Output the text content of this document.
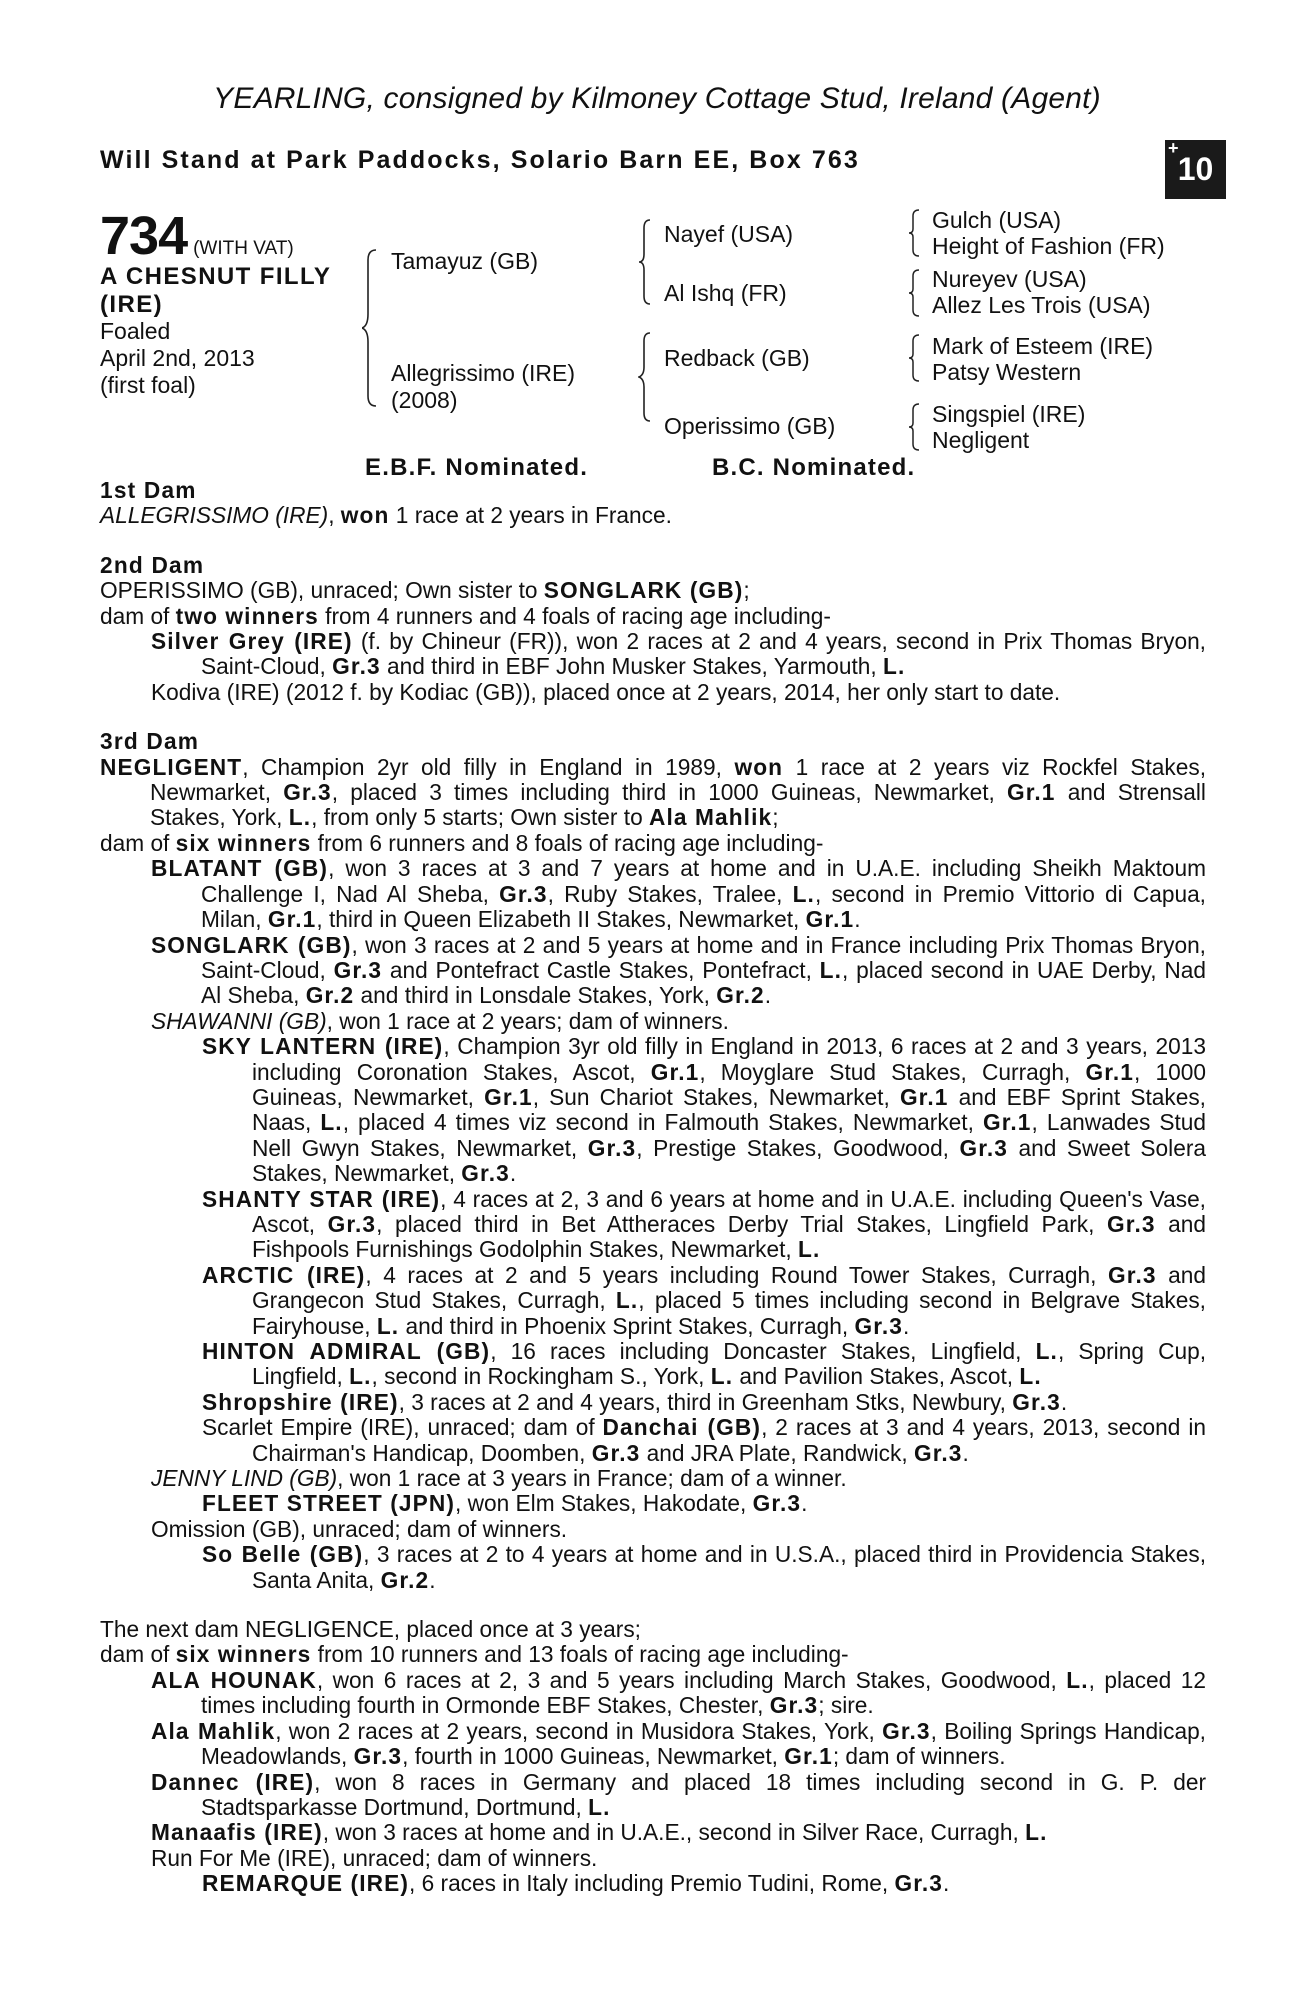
YEARLING, consigned by Kilmoney Cottage Stud, Ireland (Agent)
Will Stand at Park Paddocks, Solario Barn EE, Box 763	+
10
734 (WITH VAT)
A CHESNUT FILLY
(IRE)
Foaled
April 2nd, 2013
(first foal)
Tamayuz (GB)
Allegrissimo (IRE)
(2008)
Nayef (USA)
Al Ishq (FR)
Redback (GB)
Operissimo (GB)
Gulch (USA)
Height of Fashion (FR)
Nureyev (USA)
Allez Les Trois (USA)
Mark of Esteem (IRE)
Patsy Western
Singspiel (IRE)
Negligent
E.B.F. Nominated.	B.C. Nominated.

1st Dam

ALLEGRISSIMO (IRE), won 1 race at 2 years in France.

2nd Dam

OPERISSIMO (GB), unraced; Own sister to SONGLARK (GB);

dam of two winners from 4 runners and 4 foals of racing age including-

Silver Grey (IRE) (f. by Chineur (FR)), won 2 races at 2 and 4 years, second in Prix Thomas Bryon, Saint-Cloud, Gr.3 and third in EBF John Musker Stakes, Yarmouth, L.

Kodiva (IRE) (2012 f. by Kodiac (GB)), placed once at 2 years, 2014, her only start to date.

3rd Dam

NEGLIGENT, Champion 2yr old filly in England in 1989, won 1 race at 2 years viz Rockfel Stakes, Newmarket, Gr.3, placed 3 times including third in 1000 Guineas, Newmarket, Gr.1 and Strensall Stakes, York, L., from only 5 starts; Own sister to Ala Mahlik;

dam of six winners from 6 runners and 8 foals of racing age including-

BLATANT (GB), won 3 races at 3 and 7 years at home and in U.A.E. including Sheikh Maktoum Challenge I, Nad Al Sheba, Gr.3, Ruby Stakes, Tralee, L., second in Premio Vittorio di Capua, Milan, Gr.1, third in Queen Elizabeth II Stakes, Newmarket, Gr.1.

SONGLARK (GB), won 3 races at 2 and 5 years at home and in France including Prix Thomas Bryon, Saint-Cloud, Gr.3 and Pontefract Castle Stakes, Pontefract, L., placed second in UAE Derby, Nad Al Sheba, Gr.2 and third in Lonsdale Stakes, York, Gr.2.

SHAWANNI (GB), won 1 race at 2 years; dam of winners.

SKY LANTERN (IRE), Champion 3yr old filly in England in 2013, 6 races at 2 and 3 years, 2013 including Coronation Stakes, Ascot, Gr.1, Moyglare Stud Stakes, Curragh, Gr.1, 1000 Guineas, Newmarket, Gr.1, Sun Chariot Stakes, Newmarket, Gr.1 and EBF Sprint Stakes, Naas, L., placed 4 times viz second in Falmouth Stakes, Newmarket, Gr.1, Lanwades Stud Nell Gwyn Stakes, Newmarket, Gr.3, Prestige Stakes, Goodwood, Gr.3 and Sweet Solera Stakes, Newmarket, Gr.3.

SHANTY STAR (IRE), 4 races at 2, 3 and 6 years at home and in U.A.E. including Queen's Vase, Ascot, Gr.3, placed third in Bet Attheraces Derby Trial Stakes, Lingfield Park, Gr.3 and Fishpools Furnishings Godolphin Stakes, Newmarket, L.

ARCTIC (IRE), 4 races at 2 and 5 years including Round Tower Stakes, Curragh, Gr.3 and Grangecon Stud Stakes, Curragh, L., placed 5 times including second in Belgrave Stakes, Fairyhouse, L. and third in Phoenix Sprint Stakes, Curragh, Gr.3.

HINTON ADMIRAL (GB), 16 races including Doncaster Stakes, Lingfield, L., Spring Cup, Lingfield, L., second in Rockingham S., York, L. and Pavilion Stakes, Ascot, L.

Shropshire (IRE), 3 races at 2 and 4 years, third in Greenham Stks, Newbury, Gr.3.

Scarlet Empire (IRE), unraced; dam of Danchai (GB), 2 races at 3 and 4 years, 2013, second in Chairman's Handicap, Doomben, Gr.3 and JRA Plate, Randwick, Gr.3.

JENNY LIND (GB), won 1 race at 3 years in France; dam of a winner.

FLEET STREET (JPN), won Elm Stakes, Hakodate, Gr.3.

Omission (GB), unraced; dam of winners.

So Belle (GB), 3 races at 2 to 4 years at home and in U.S.A., placed third in Providencia Stakes, Santa Anita, Gr.2.

The next dam NEGLIGENCE, placed once at 3 years;

dam of six winners from 10 runners and 13 foals of racing age including-

ALA HOUNAK, won 6 races at 2, 3 and 5 years including March Stakes, Goodwood, L., placed 12 times including fourth in Ormonde EBF Stakes, Chester, Gr.3; sire.

Ala Mahlik, won 2 races at 2 years, second in Musidora Stakes, York, Gr.3, Boiling Springs Handicap, Meadowlands, Gr.3, fourth in 1000 Guineas, Newmarket, Gr.1; dam of winners.

Dannec (IRE), won 8 races in Germany and placed 18 times including second in G. P. der Stadtsparkasse Dortmund, Dortmund, L.

Manaafis (IRE), won 3 races at home and in U.A.E., second in Silver Race, Curragh, L.

Run For Me (IRE), unraced; dam of winners.

REMARQUE (IRE), 6 races in Italy including Premio Tudini, Rome, Gr.3.
